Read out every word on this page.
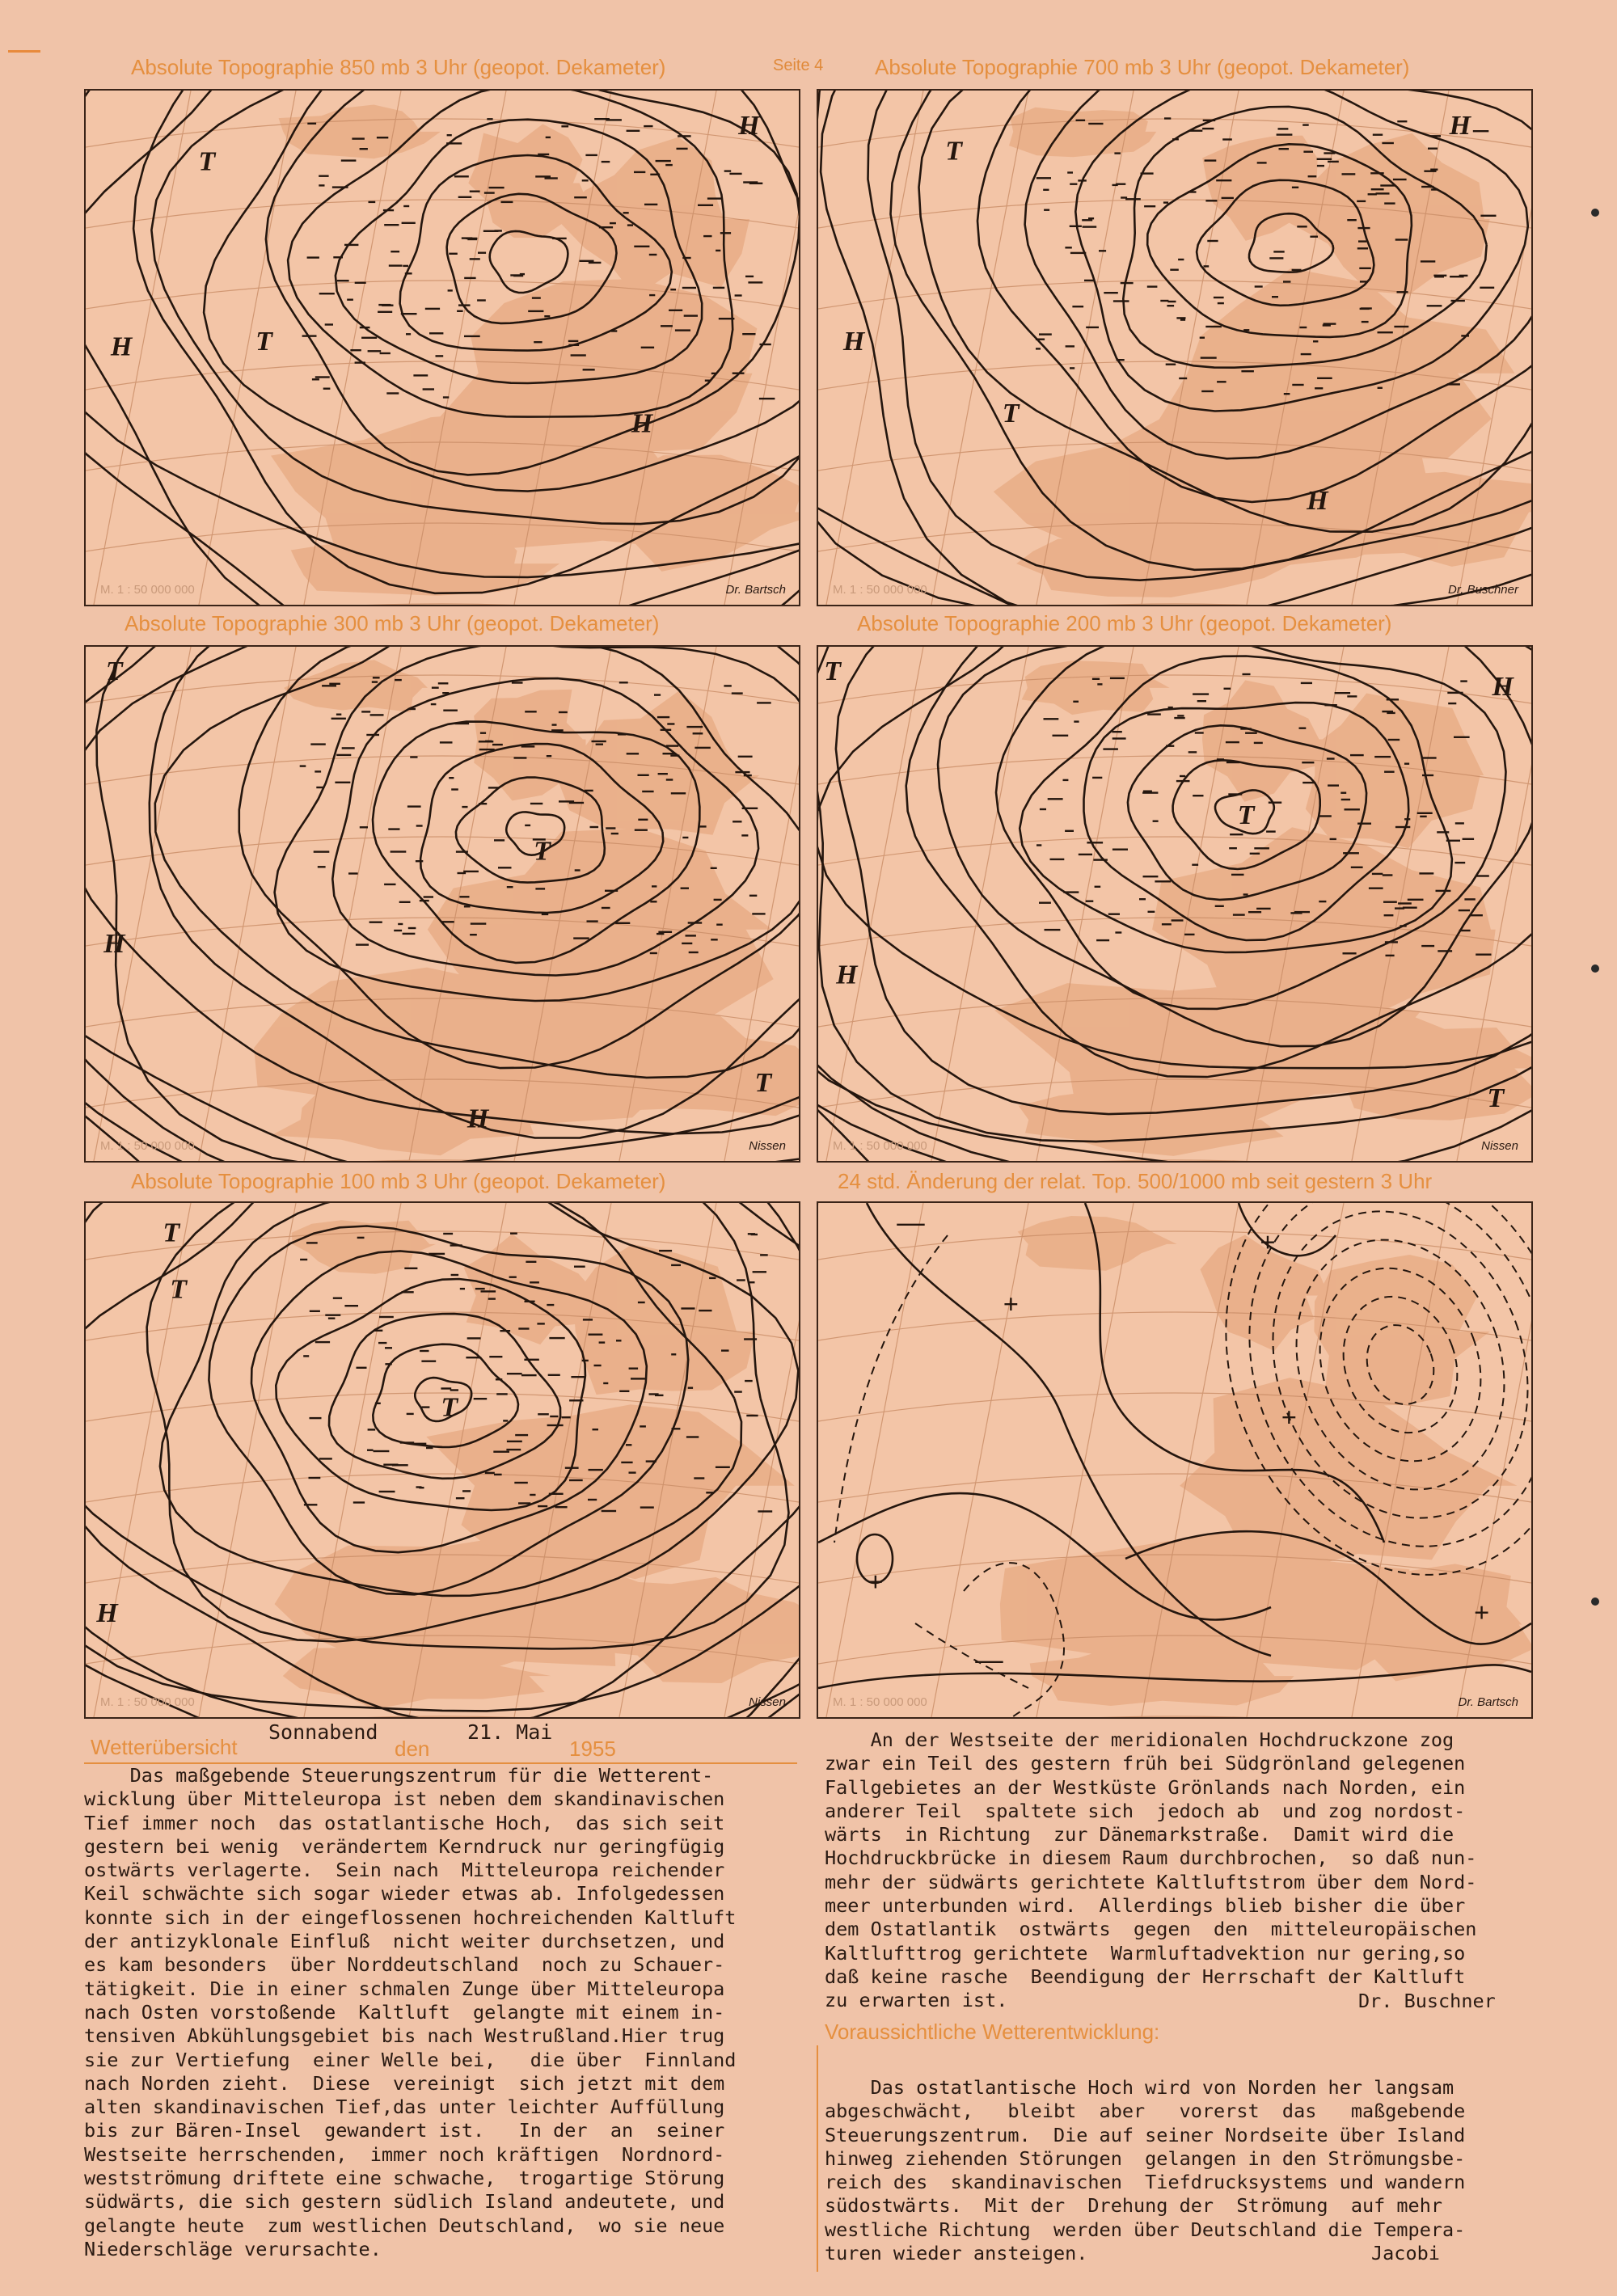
Seite 4
Absolute Topographie 850 mb 3 Uhr (geopot. Dekameter)	Absolute Topographie 700 mb 3 Uhr (geopot. Dekameter)
Absolute Topographie 300 mb 3 Uhr (geopot. Dekameter)	Absolute Topographie 200 mb 3 Uhr (geopot. Dekameter)
Absolute Topographie 100 mb 3 Uhr (geopot. Dekameter)	24 std. Änderung der relat. Top. 500/1000 mb seit gestern 3 Uhr
T
T
H
H
H
M. 1 : 50 000 000	Dr. Bartsch
T
H
H
T
H
M. 1 : 50 000 000	Dr. Buschner
T
H
H
T
T
M. 1 : 50 000 000	Nissen
T
H
T
H
T
M. 1 : 50 000 000	Nissen
T
T
H
T
M. 1 : 50 000 000	Nissen
+
+
+
—
—
+
+
M. 1 : 50 000 000	Dr. Bartsch
Sonnabend	21. Mai
Wetterübersicht	den	1955
Das maßgebende Steuerungszentrum für die Wetterent-
wicklung über Mitteleuropa ist neben dem skandinavischen
Tief immer noch  das ostatlantische Hoch,  das sich seit
gestern bei wenig  verändertem Kerndruck nur geringfügig
ostwärts verlagerte.  Sein nach  Mitteleuropa reichender
Keil schwächte sich sogar wieder etwas ab. Infolgedessen
konnte sich in der eingeflossenen hochreichenden Kaltluft
der antizyklonale Einfluß  nicht weiter durchsetzen, und
es kam besonders  über Norddeutschland  noch zu Schauer-
tätigkeit. Die in einer schmalen Zunge über Mitteleuropa
nach Osten vorstoßende  Kaltluft  gelangte mit einem in-
tensiven Abkühlungsgebiet bis nach Westrußland.Hier trug
sie zur Vertiefung  einer Welle bei,   die über  Finnland
nach Norden zieht.  Diese  vereinigt  sich jetzt mit dem
alten skandinavischen Tief,das unter leichter Auffüllung
bis zur Bären-Insel  gewandert ist.   In der  an  seiner
Westseite herrschenden,  immer noch kräftigen  Nordnord-
westströmung driftete eine schwache,  trogartige Störung
südwärts, die sich gestern südlich Island andeutete, und
gelangte heute  zum westlichen Deutschland,  wo sie neue
Niederschläge verursachte.
An der Westseite der meridionalen Hochdruckzone zog
zwar ein Teil des gestern früh bei Südgrönland gelegenen
Fallgebietes an der Westküste Grönlands nach Norden, ein
anderer Teil  spaltete sich  jedoch ab  und zog nordost-
wärts  in Richtung  zur Dänemarkstraße.  Damit wird die
Hochdruckbrücke in diesem Raum durchbrochen,  so daß nun-
mehr der südwärts gerichtete Kaltluftstrom über dem Nord-
meer unterbunden wird.  Allerdings blieb bisher die über
dem Ostatlantik  ostwärts  gegen  den  mitteleuropäischen
Kaltlufttrog gerichtete  Warmluftadvektion nur gering,so
daß keine rasche  Beendigung der Herrschaft der Kaltluft
zu erwarten ist.	Dr. Buschner
Voraussichtliche Wetterentwicklung:
Das ostatlantische Hoch wird von Norden her langsam
abgeschwächt,   bleibt  aber   vorerst  das   maßgebende
Steuerungszentrum.  Die auf seiner Nordseite über Island
hinweg ziehenden Störungen  gelangen in den Strömungsbe-
reich des  skandinavischen  Tiefdrucksystems und wandern
südostwärts.  Mit der  Drehung der  Strömung  auf mehr
westliche Richtung  werden über Deutschland die Tempera-
turen wieder ansteigen.	Jacobi
